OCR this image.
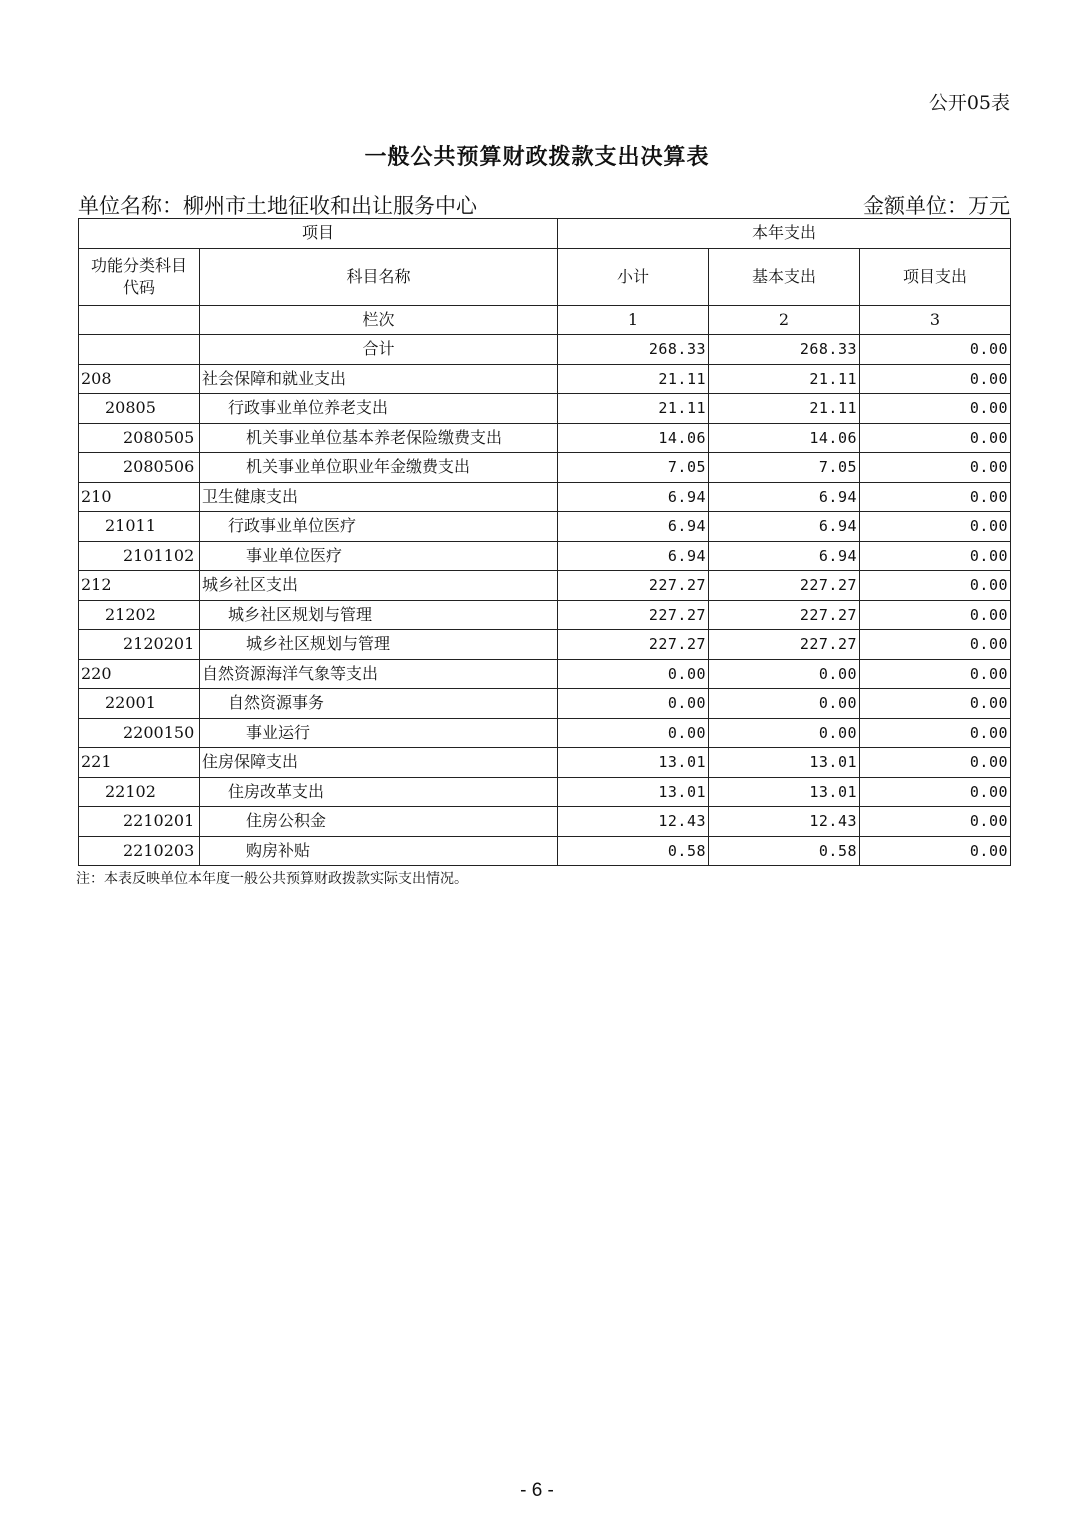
公开05表
一般公共预算财政拨款支出决算表
单位名称：柳州市土地征收和出让服务中心	金额单位：万元
项目		本年支出		
功能分类科目代码	科目名称	小计	基本支出	项目支出
	栏次	1	2	3
	合计	268.33	268.33	0.00
208	社会保障和就业支出	21.11	21.11	0.00
20805	行政事业单位养老支出	21.11	21.11	0.00
2080505	机关事业单位基本养老保险缴费支出	14.06	14.06	0.00
2080506	机关事业单位职业年金缴费支出	7.05	7.05	0.00
210	卫生健康支出	6.94	6.94	0.00
21011	行政事业单位医疗	6.94	6.94	0.00
2101102	事业单位医疗	6.94	6.94	0.00
212	城乡社区支出	227.27	227.27	0.00
21202	城乡社区规划与管理	227.27	227.27	0.00
2120201	城乡社区规划与管理	227.27	227.27	0.00
220	自然资源海洋气象等支出	0.00	0.00	0.00
22001	自然资源事务	0.00	0.00	0.00
2200150	事业运行	0.00	0.00	0.00
221	住房保障支出	13.01	13.01	0.00
22102	住房改革支出	13.01	13.01	0.00
2210201	住房公积金	12.43	12.43	0.00
2210203	购房补贴	0.58	0.58	0.00
注：本表反映单位本年度一般公共预算财政拨款实际支出情况。
- 6 -
